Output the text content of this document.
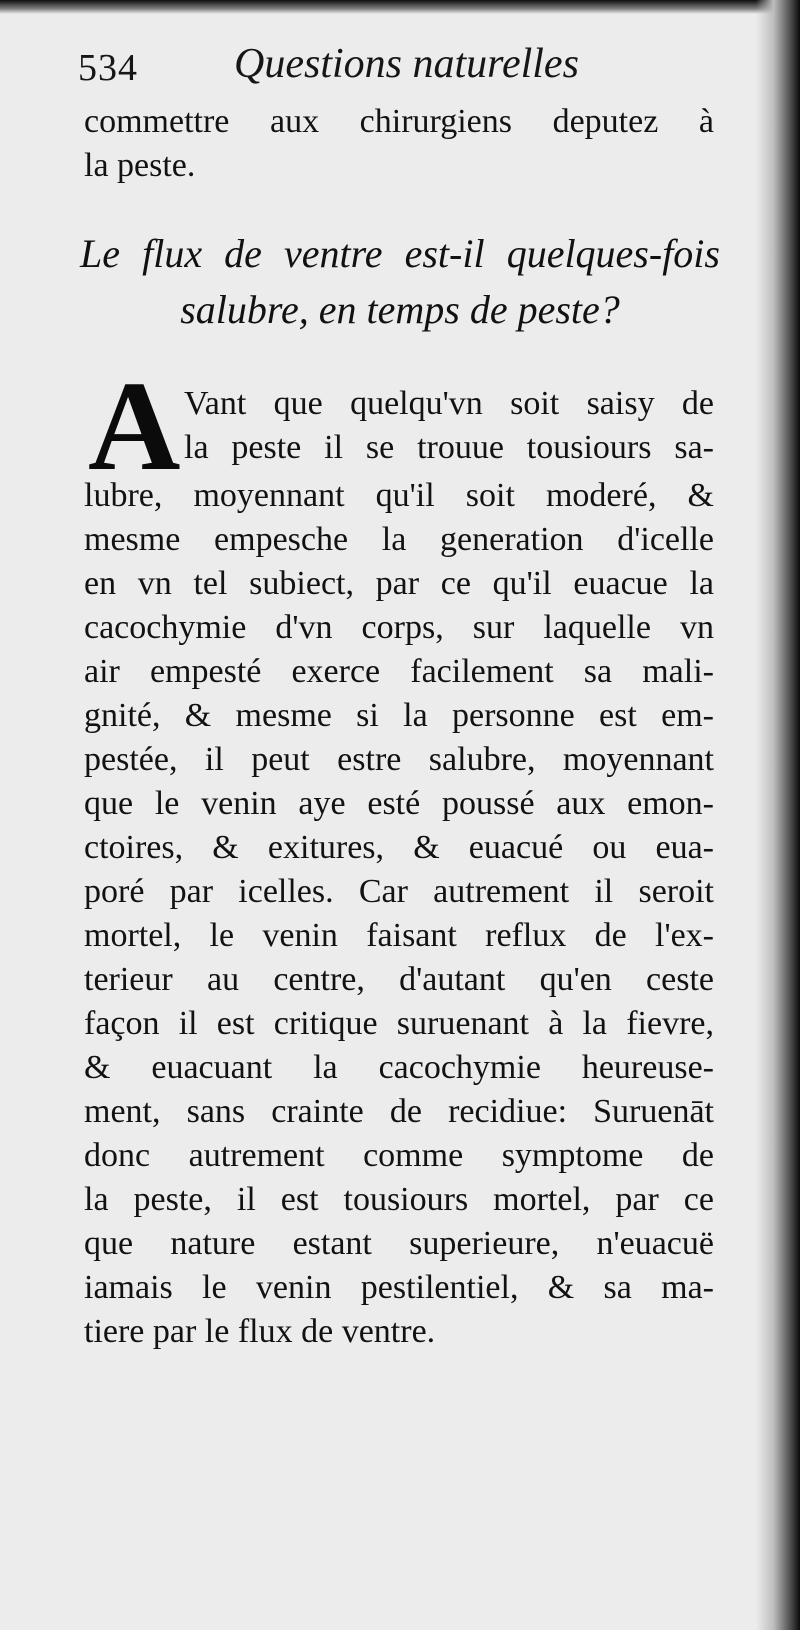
534 Questions naturelles
commettre aux chirurgiens deputez à
la peste.
Le flux de ventre est-il quelques-fois
salubre, en temps de peste?
A Vant que quelqu'vn soit saisy de
la peste il se trouue tousiours sa-
lubre, moyennant qu'il soit moderé, &
mesme empesche la generation d'icelle
en vn tel subiect, par ce qu'il euacue la
cacochymie d'vn corps, sur laquelle vn
air empesté exerce facilement sa mali-
gnité, & mesme si la personne est em-
pestée, il peut estre salubre, moyennant
que le venin aye esté poussé aux emon-
ctoires, & exitures, & euacué ou eua-
poré par icelles. Car autrement il seroit
mortel, le venin faisant reflux de l'ex-
terieur au centre, d'autant qu'en ceste
façon il est critique suruenant à la fievre,
& euacuant la cacochymie heureuse-
ment, sans crainte de recidiue: Suruenāt
donc autrement comme symptome de
la peste, il est tousiours mortel, par ce
que nature estant superieure, n'euacuë
iamais le venin pestilentiel, & sa ma-
tiere par le flux de ventre.
